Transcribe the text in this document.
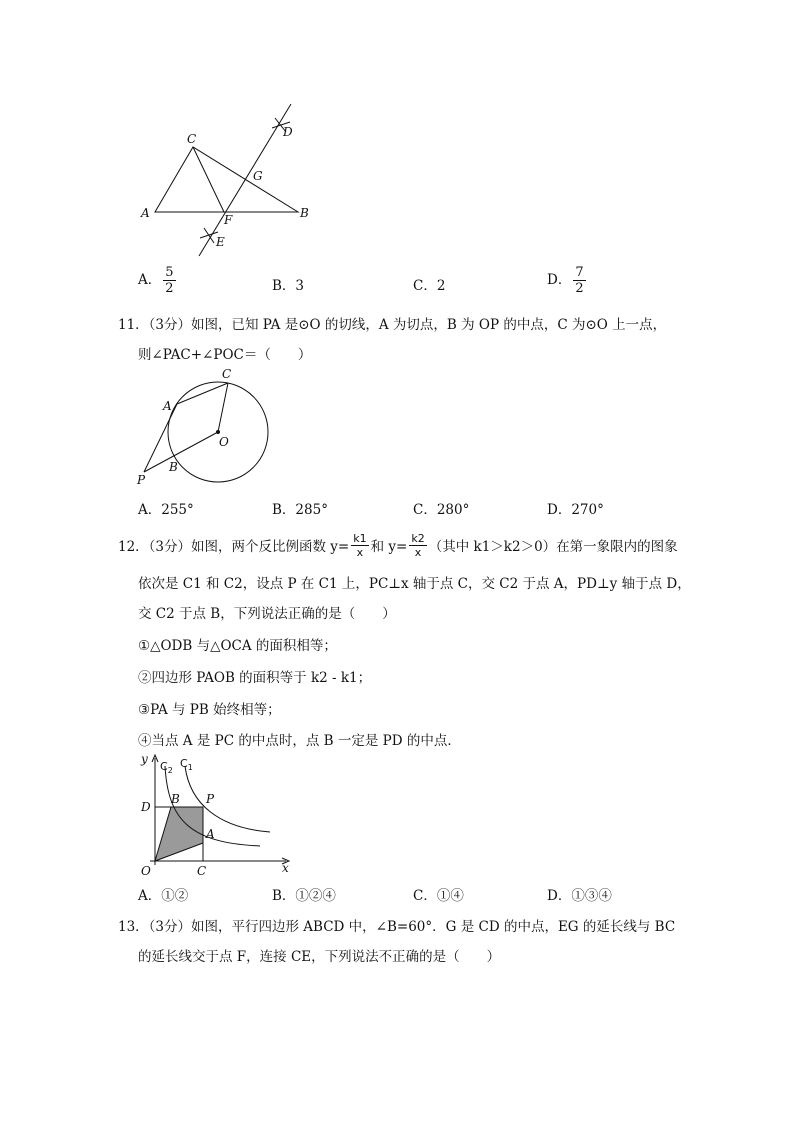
A
C
B
D
G
F
E
A． $\frac{5}{2}$	B．3	C．2	D． $\frac{7}{2}$
11．（3分）如图，已知 PA 是⊙O 的切线，A 为切点，B 为 OP 的中点，C 为⊙O 上一点，
则∠PAC+∠POC＝（　　）
C
A
O
B
P
A．255°	B．285°	C．280°	D．270°
12．（3分）如图，两个反比例函数 $y= \frac{k1}{x}$ 和 $y= \frac{k2}{x}$ （其中 k1＞k2＞0）在第一象限内的图象
依次是 C1 和 C2，设点 P 在 C1 上，PC⊥x 轴于点 C，交 C2 于点 A，PD⊥y 轴于点 D，
交 C2 于点 B，下列说法正确的是（　　）
①△ODB 与△OCA 的面积相等；
②四边形 PAOB 的面积等于 k2 - k1；
③PA 与 PB 始终相等；
④当点 A 是 PC 的中点时，点 B 一定是 PD 的中点．
y
$C_2$
$C_1$
D
B P
A
O	C	x
A．①②	B．①②④	C．①④	D．①③④
13．（3分）如图，平行四边形 ABCD 中，∠B=60°．G 是 CD 的中点，EG 的延长线与 BC
的延长线交于点 F，连接 CE，下列说法不正确的是（　　）
